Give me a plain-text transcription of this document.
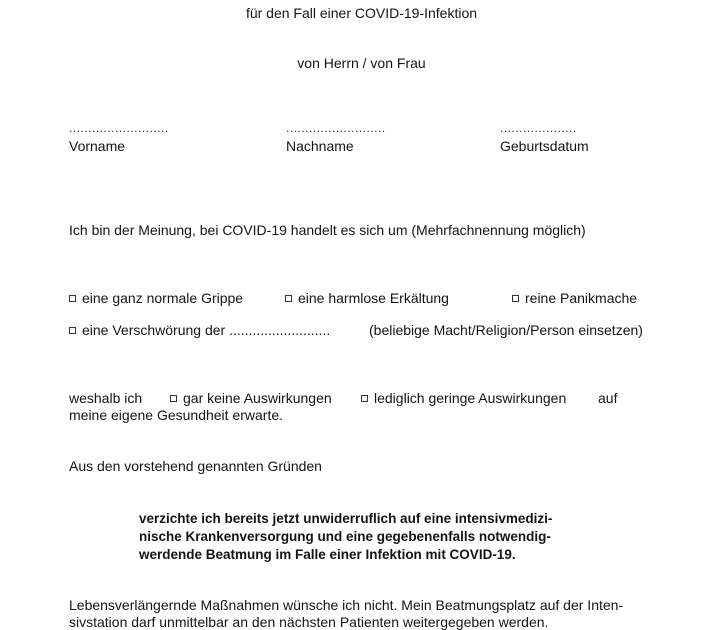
für den Fall einer COVID-19-Infektion
von Herrn / von Frau
..........................
Vorname
..........................
Nachname
....................
Geburtsdatum
Ich bin der Meinung, bei COVID-19 handelt es sich um (Mehrfachnennung möglich)
eine ganz normale Grippe	eine harmlose Erkältung	reine Panikmache
eine Verschwörung der ..........................	(beliebige Macht/Religion/Person einsetzen)
weshalb ich	gar keine Auswirkungen	lediglich geringe Auswirkungen auf
meine eigene Gesundheit erwarte.
Aus den vorstehend genannten Gründen
verzichte ich bereits jetzt unwiderruflich auf eine intensivmedizi-
nische Krankenversorgung und eine gegebenenfalls notwendig-
werdende Beatmung im Falle einer Infektion mit COVID-19.
Lebensverlängernde Maßnahmen wünsche ich nicht. Mein Beatmungsplatz auf der Inten-
sivstation darf unmittelbar an den nächsten Patienten weitergegeben werden.
